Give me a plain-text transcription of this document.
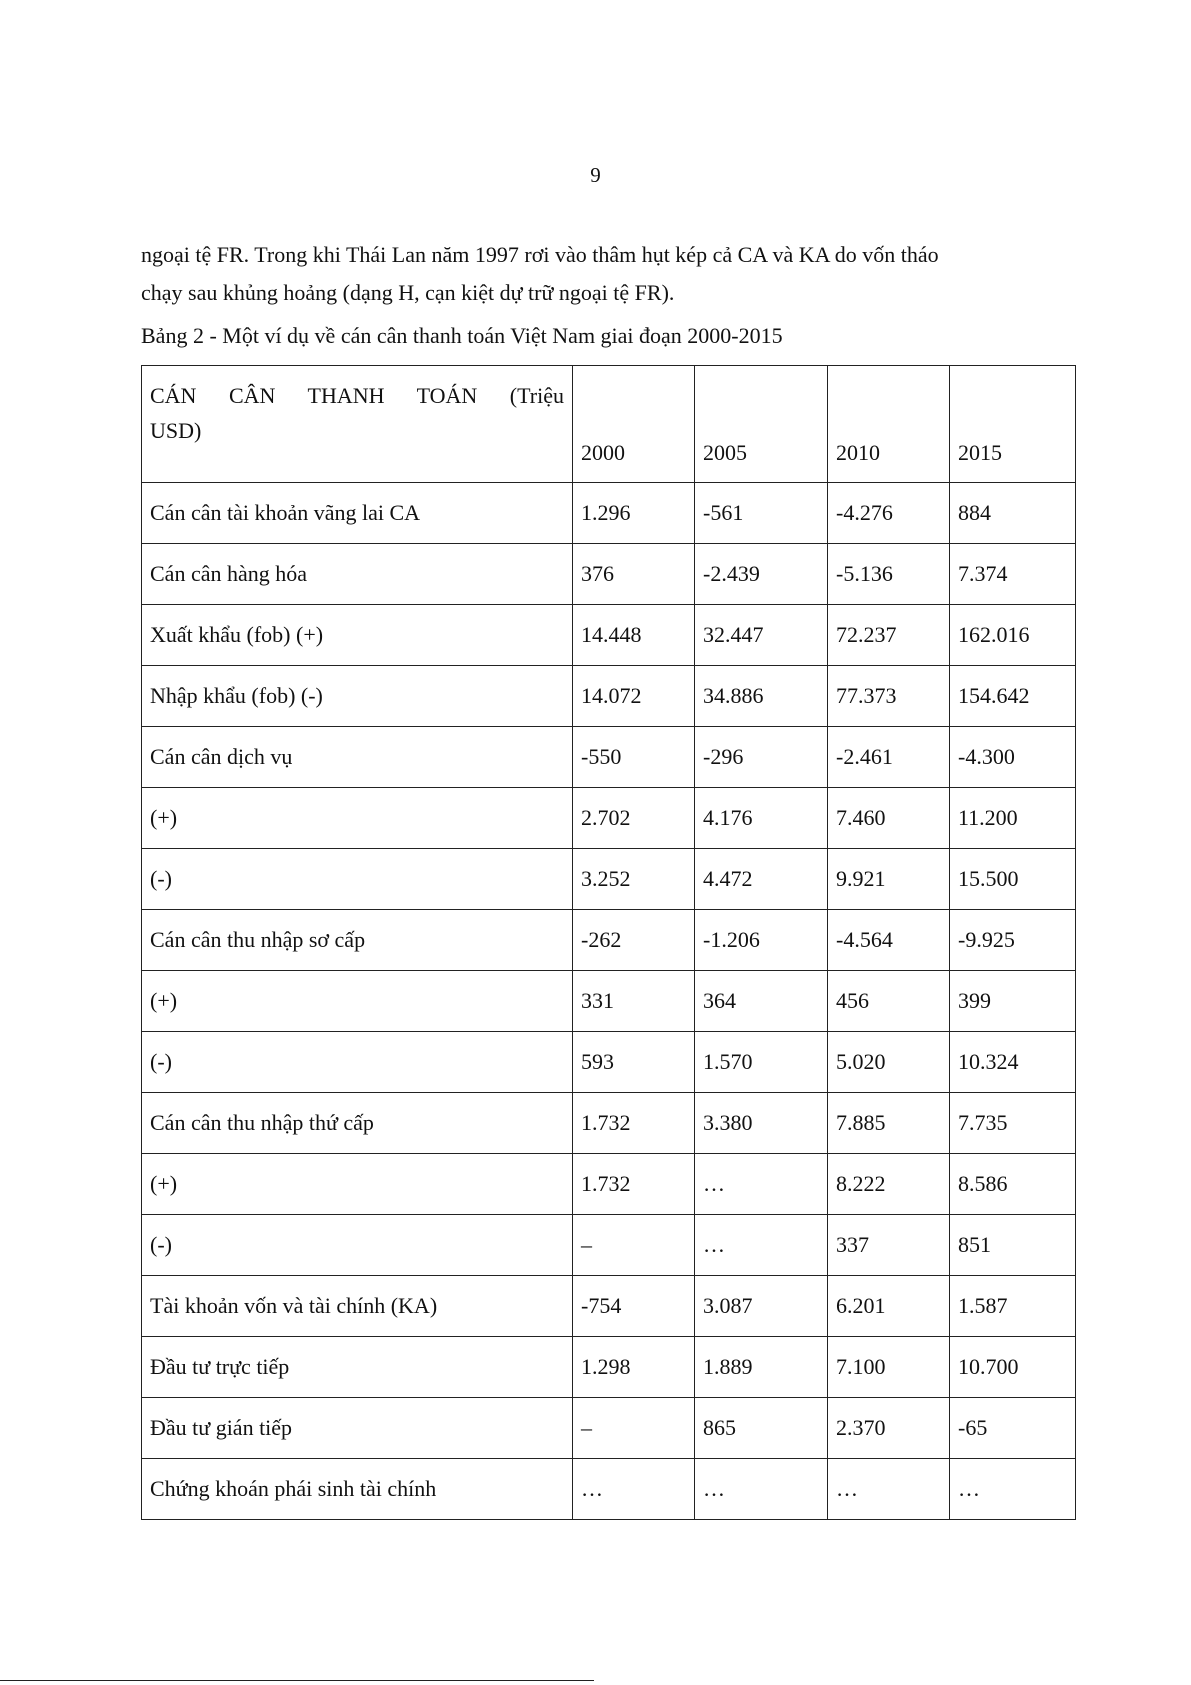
9

ngoại tệ FR. Trong khi Thái Lan năm 1997 rơi vào thâm hụt kép cả CA và KA do vốn tháo
chạy sau khủng hoảng (dạng H, cạn kiệt dự trữ ngoại tệ FR).

Bảng 2 - Một ví dụ về cán cân thanh toán Việt Nam giai đoạn 2000-2015

CÁN CÂN THANH TOÁN (Triệu
USD)	2000	2005	2010	2015
Cán cân tài khoản vãng lai CA	1.296	-561	-4.276	884
Cán cân hàng hóa	376	-2.439	-5.136	7.374
Xuất khẩu (fob) (+)	14.448	32.447	72.237	162.016
Nhập khẩu (fob) (-)	14.072	34.886	77.373	154.642
Cán cân dịch vụ	-550	-296	-2.461	-4.300
(+)	2.702	4.176	7.460	11.200
(-)	3.252	4.472	9.921	15.500
Cán cân thu nhập sơ cấp	-262	-1.206	-4.564	-9.925
(+)	331	364	456	399
(-)	593	1.570	5.020	10.324
Cán cân thu nhập thứ cấp	1.732	3.380	7.885	7.735
(+)	1.732	…	8.222	8.586
(-)	–	…	337	851
Tài khoản vốn và tài chính (KA)	-754	3.087	6.201	1.587
Đầu tư trực tiếp	1.298	1.889	7.100	10.700
Đầu tư gián tiếp	–	865	2.370	-65
Chứng khoán phái sinh tài chính	…	…	…	…
